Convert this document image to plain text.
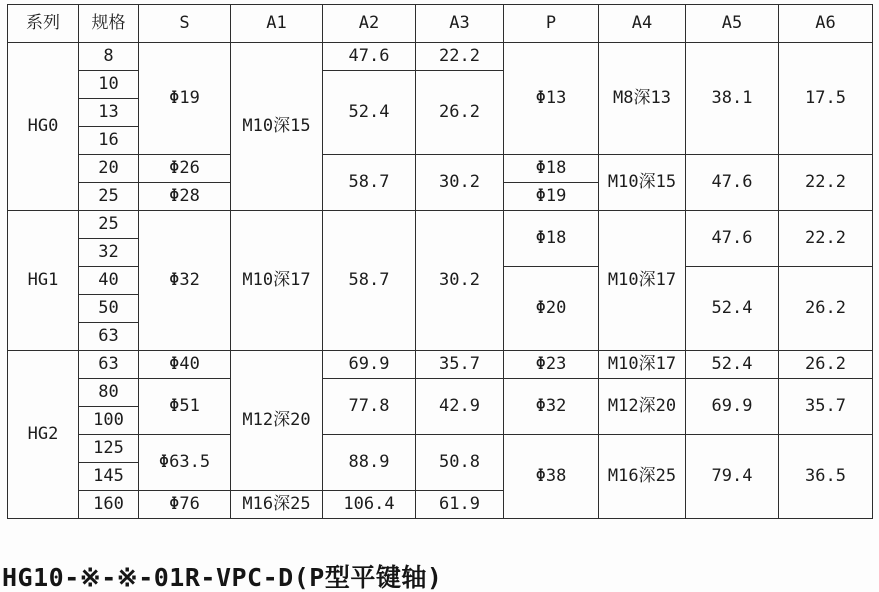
系列	规格	S	A1	A2	A3	P	A4	A5	A6
HG0	8	Φ19	M10深15	47.6	22.2	Φ13	M8深13	38.1	17.5
	10			52.4	26.2				
	13								
	16								
	20	Φ26		58.7	30.2	Φ18	M10深15	47.6	22.2
	25	Φ28				Φ19			
HG1	25	Φ32	M10深17	58.7	30.2	Φ18	M10深17	47.6	22.2
	32								
	40					Φ20		52.4	26.2
	50								
	63								
HG2	63	Φ40	M12深20	69.9	35.7	Φ23	M10深17	52.4	26.2
	80	Φ51		77.8	42.9	Φ32	M12深20	69.9	35.7
	100								
	125	Φ63.5		88.9	50.8	Φ38	M16深25	79.4	36.5
	145								
	160	Φ76	M16深25	106.4	61.9				
HG10-※-※-01R-VPC-D(P型平键轴)
